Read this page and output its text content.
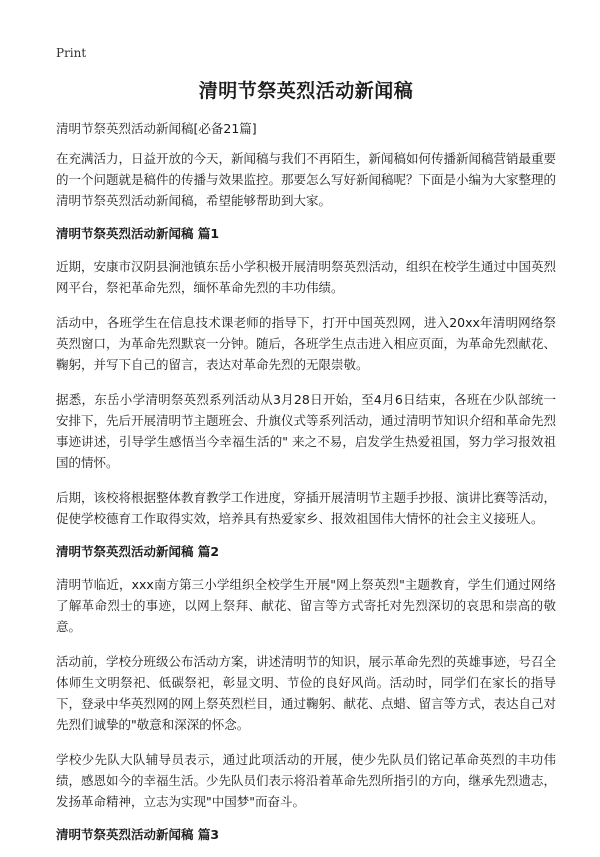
Print
清明节祭英烈活动新闻稿
清明节祭英烈活动新闻稿[必备21篇]

在充满活力，日益开放的今天，新闻稿与我们不再陌生，新闻稿如何传播新闻稿营销最重要的一个问题就是稿件的传播与效果监控。那要怎么写好新闻稿呢？下面是小编为大家整理的清明节祭英烈活动新闻稿，希望能够帮助到大家。

清明节祭英烈活动新闻稿 篇1

近期，安康市汉阴县涧池镇东岳小学积极开展清明祭英烈活动，组织在校学生通过中国英烈网平台，祭祀革命先烈，缅怀革命先烈的丰功伟绩。

活动中，各班学生在信息技术课老师的指导下，打开中国英烈网，进入20xx年清明网络祭英烈窗口，为革命先烈默哀一分钟。随后，各班学生点击进入相应页面，为革命先烈献花、鞠躬，并写下自己的留言，表达对革命先烈的无限崇敬。

据悉，东岳小学清明祭英烈系列活动从3月28日开始，至4月6日结束，各班在少队部统一安排下，先后开展清明节主题班会、升旗仪式等系列活动，通过清明节知识介绍和革命先烈事迹讲述，引导学生感悟当今幸福生活的" 来之不易，启发学生热爱祖国，努力学习报效祖国的情怀。

后期，该校将根据整体教育教学工作进度，穿插开展清明节主题手抄报、演讲比赛等活动，促使学校德育工作取得实效，培养具有热爱家乡、报效祖国伟大情怀的社会主义接班人。

清明节祭英烈活动新闻稿 篇2

清明节临近，xxx南方第三小学组织全校学生开展"网上祭英烈"主题教育，学生们通过网络了解革命烈士的事迹，以网上祭拜、献花、留言等方式寄托对先烈深切的哀思和崇高的敬意。

活动前，学校分班级公布活动方案，讲述清明节的知识，展示革命先烈的英雄事迹，号召全体师生文明祭祀、低碳祭祀，彰显文明、节俭的良好风尚。活动时，同学们在家长的指导下，登录中华英烈网的网上祭英烈栏目，通过鞠躬、献花、点蜡、留言等方式，表达自己对先烈们诚挚的"敬意和深深的怀念。

学校少先队大队辅导员表示，通过此项活动的开展，使少先队员们铭记革命英烈的丰功伟绩，感恩如今的幸福生活。少先队员们表示将沿着革命先烈所指引的方向，继承先烈遗志，发扬革命精神，立志为实现"中国梦"而奋斗。

清明节祭英烈活动新闻稿 篇3
